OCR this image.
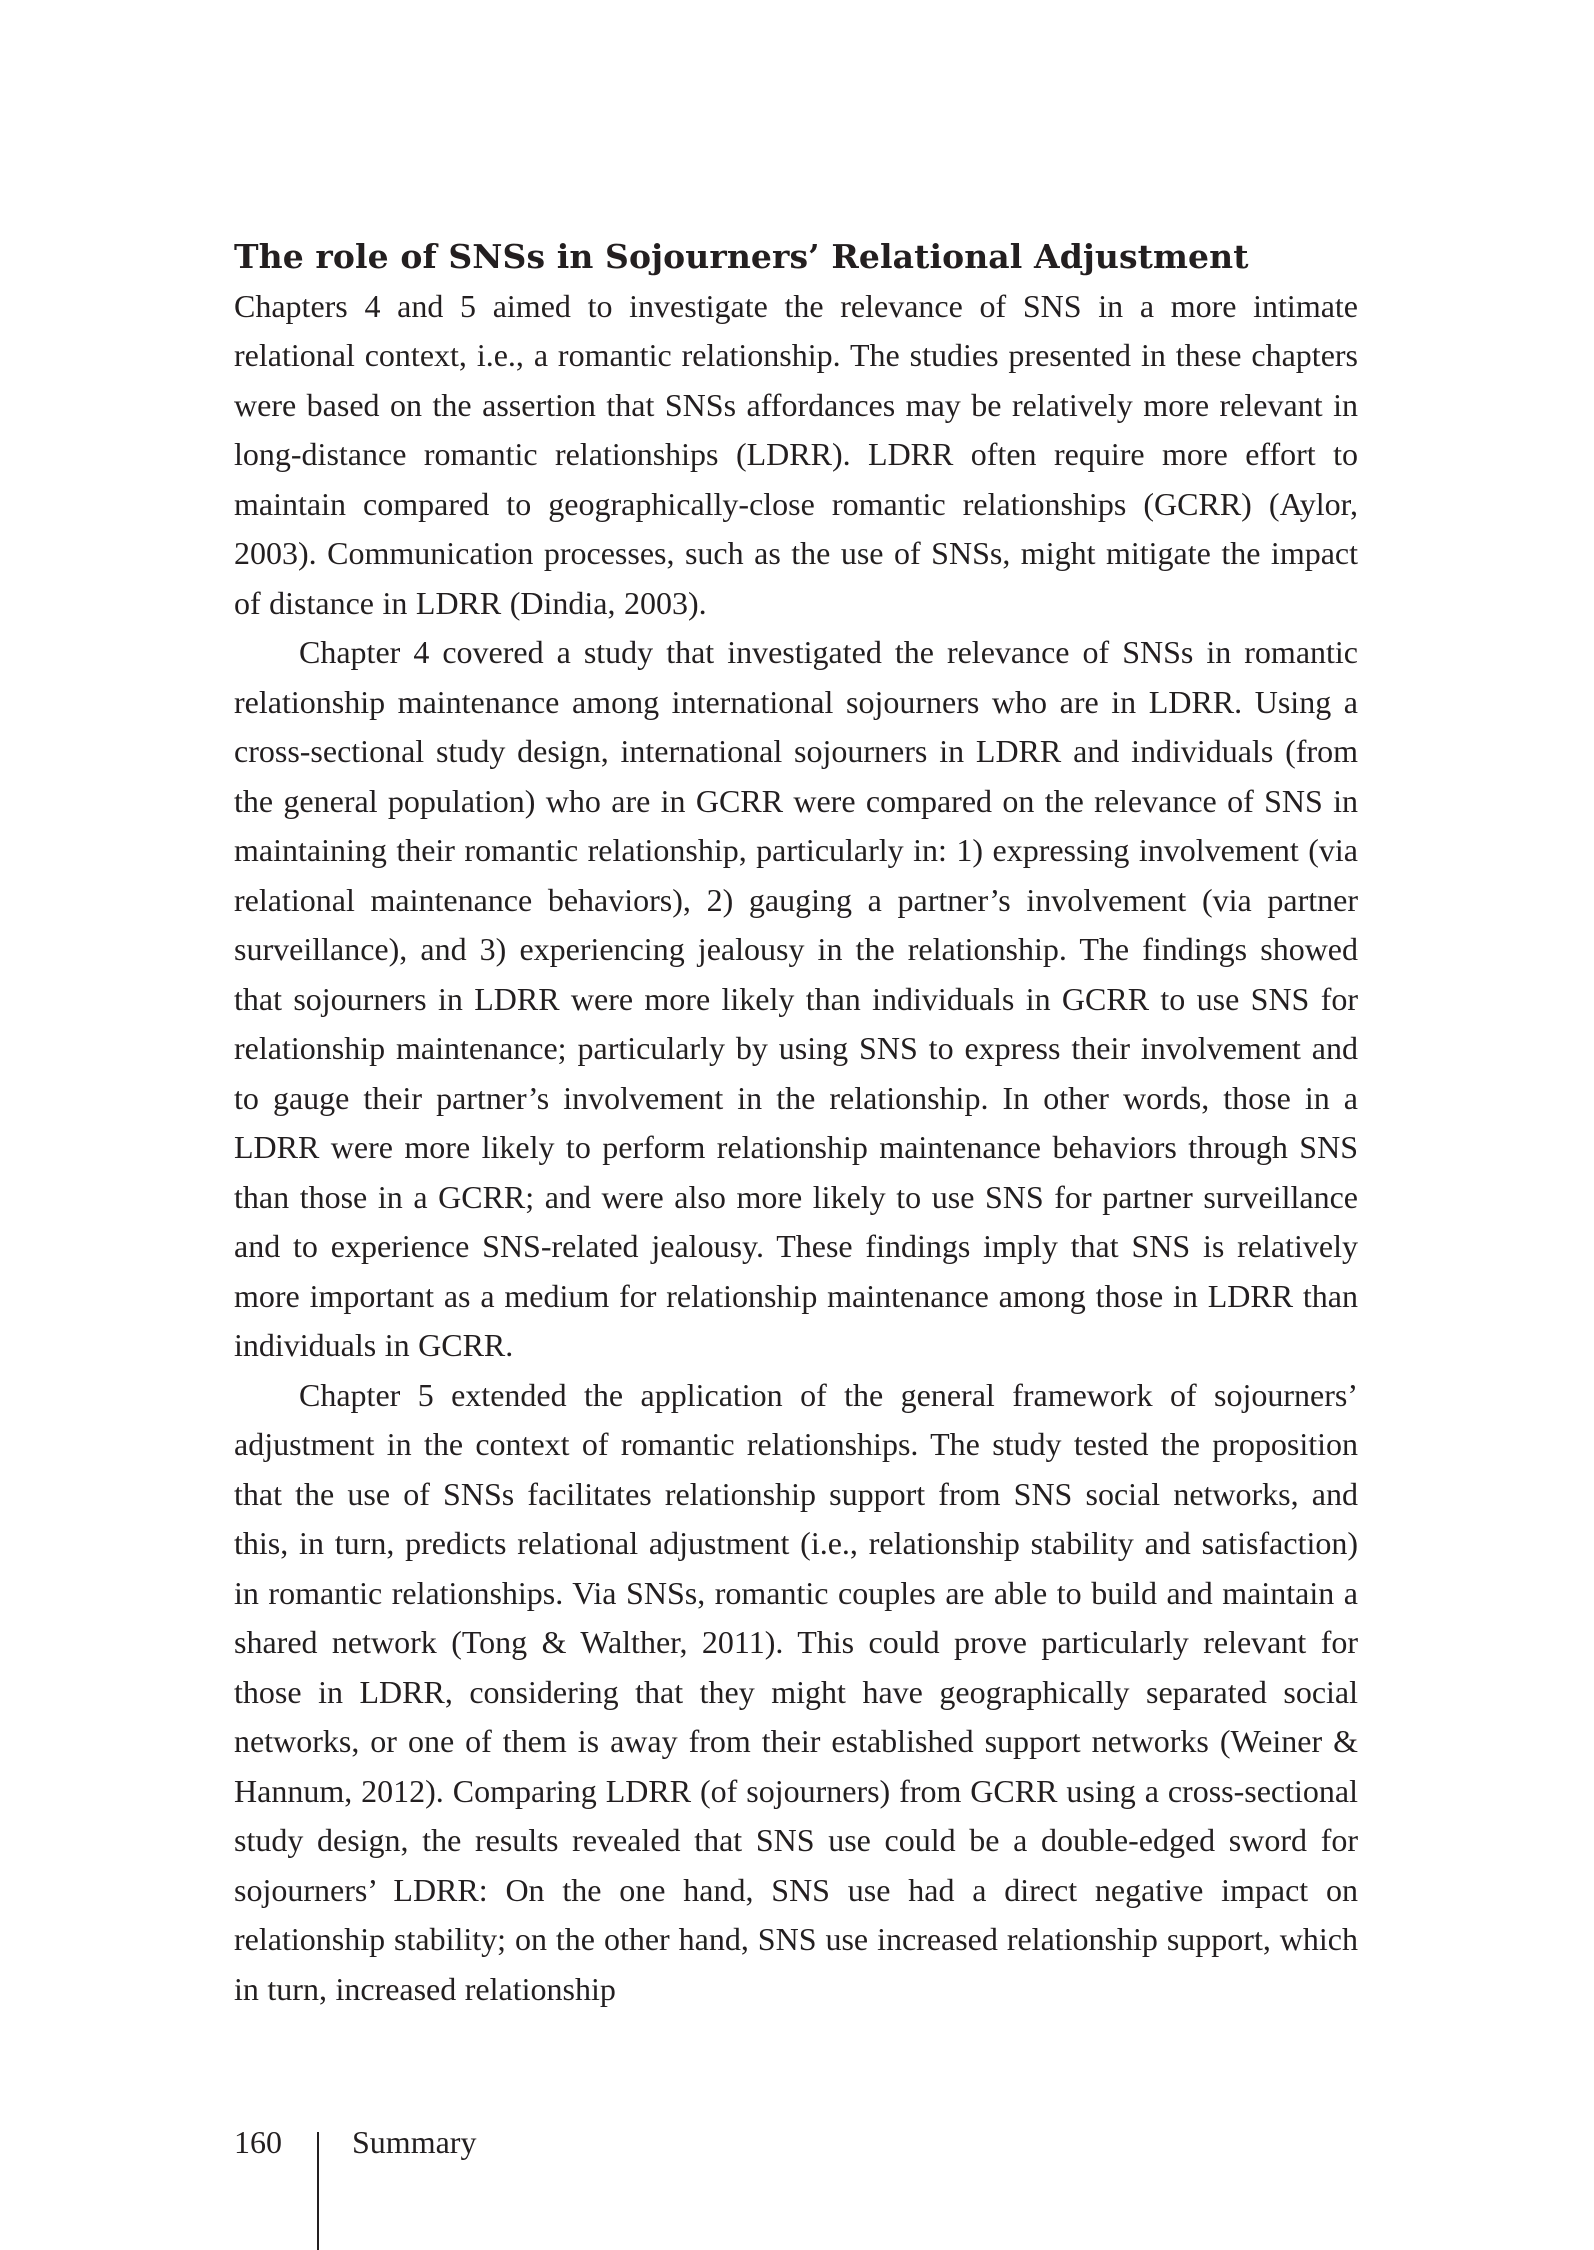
The role of SNSs in Sojourners’ Relational Adjustment

Chapters 4 and 5 aimed to investigate the relevance of SNS in a more intimate relational context, i.e., a romantic relationship. The studies presented in these chapters were based on the assertion that SNSs affordances may be relatively more relevant in long-distance romantic relationships (LDRR). LDRR often require more effort to maintain compared to geographically-close romantic relationships (GCRR) (Aylor, 2003). Communication processes, such as the use of SNSs, might mitigate the impact of distance in LDRR (Dindia, 2003).

Chapter 4 covered a study that investigated the relevance of SNSs in romantic relationship maintenance among international sojourners who are in LDRR. Using a cross-sectional study design, international sojourners in LDRR and individuals (from the general population) who are in GCRR were compared on the relevance of SNS in maintaining their romantic relationship, particularly in: 1) expressing involvement (via relational maintenance behaviors), 2) gauging a partner’s involvement (via partner surveillance), and 3) experiencing jealousy in the relationship. The findings showed that sojourners in LDRR were more likely than individuals in GCRR to use SNS for relationship maintenance; particularly by using SNS to express their involvement and to gauge their partner’s involvement in the relationship. In other words, those in a LDRR were more likely to perform relationship maintenance behaviors through SNS than those in a GCRR; and were also more likely to use SNS for partner surveillance and to experience SNS-related jealousy. These findings imply that SNS is relatively more important as a medium for relationship maintenance among those in LDRR than individuals in GCRR.

Chapter 5 extended the application of the general framework of sojourners’ adjustment in the context of romantic relationships. The study tested the proposition that the use of SNSs facilitates relationship support from SNS social networks, and this, in turn, predicts relational adjustment (i.e., relationship stability and satisfaction) in romantic relationships. Via SNSs, romantic couples are able to build and maintain a shared network (Tong & Walther, 2011). This could prove particularly relevant for those in LDRR, considering that they might have geographically separated social networks, or one of them is away from their established support networks (Weiner & Hannum, 2012). Comparing LDRR (of sojourners) from GCRR using a cross-sectional study design, the results revealed that SNS use could be a double-edged sword for sojourners’ LDRR: On the one hand, SNS use had a direct negative impact on relationship stability; on the other hand, SNS use increased relationship support, which in turn, increased relationship

160 Summary
